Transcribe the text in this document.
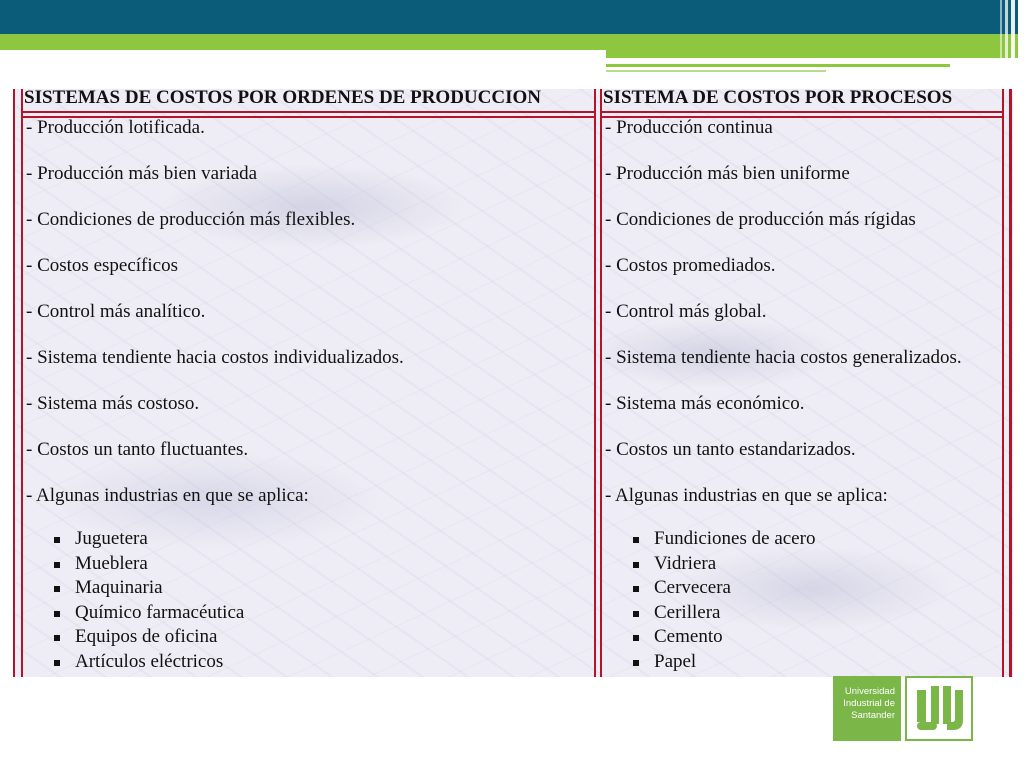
SISTEMAS DE COSTOS POR ORDENES DE PRODUCCION
- Producción lotificada.
- Producción más bien variada
- Condiciones de producción más flexibles.
- Costos específicos
- Control más analítico.
- Sistema tendiente hacia costos individualizados.
- Sistema más costoso.
- Costos un tanto fluctuantes.
- Algunas industrias en que se aplica:
Juguetera
Mueblera
Maquinaria
Químico farmacéutica
Equipos de oficina
Artículos eléctricos
SISTEMA DE COSTOS POR PROCESOS
- Producción continua
- Producción más bien uniforme
- Condiciones de producción más rígidas
- Costos promediados.
- Control más global.
- Sistema tendiente hacia costos generalizados.
- Sistema más económico.
- Costos un tanto estandarizados.
- Algunas industrias en que se aplica:
Fundiciones de acero
Vidriera
Cervecera
Cerillera
Cemento
Papel
Universidad
Industrial de
Santander
